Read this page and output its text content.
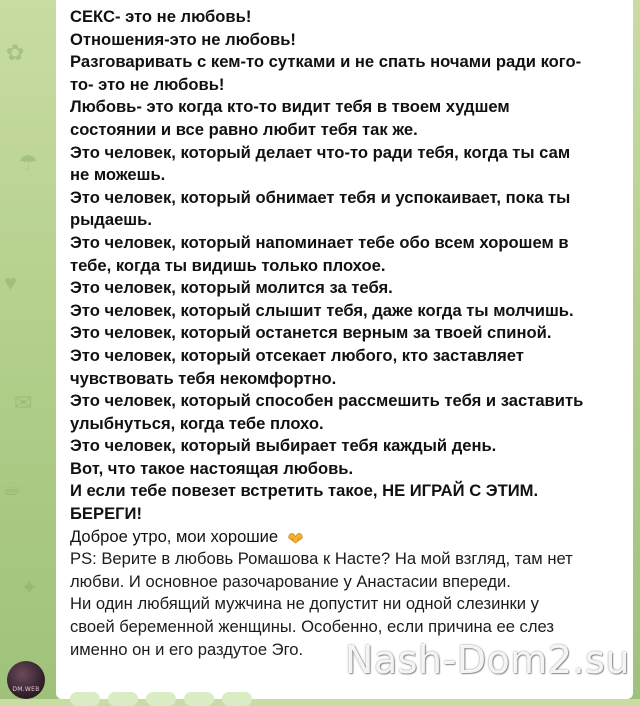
✿
☂
♥
✉
☕
✦
СЕКС- это не любовь!
Отношения-это не любовь!
Разговаривать с кем-то сутками и не спать ночами ради кого-
то- это не любовь!
Любовь- это когда кто-то видит тебя в твоем худшем
состоянии и все равно любит тебя так же.
Это человек, который делает что-то ради тебя, когда ты сам
не можешь.
Это человек, который обнимает тебя и успокаивает, пока ты
рыдаешь.
Это человек, который напоминает тебе обо всем хорошем в
тебе, когда ты видишь только плохое.
Это человек, который молится за тебя.
Это человек, который слышит тебя, даже когда ты молчишь.
Это человек, который останется верным за твоей спиной.
Это человек, который отсекает любого, кто заставляет
чувствовать тебя некомфортно.
Это человек, который способен рассмешить тебя и заставить
улыбнуться, когда тебе плохо.
Это человек, который выбирает тебя каждый день.
Вот, что такое настоящая любовь.
И если тебе повезет встретить такое, НЕ ИГРАЙ С ЭТИМ.
БЕРЕГИ!
Доброе утро, мои хорошие
PS: Верите в любовь Ромашова к Насте? На мой взгляд, там нет
любви. И основное разочарование у Анастасии впереди.
Ни один любящий мужчина не допустит ни одной слезинки у
своей беременной женщины. Особенно, если причина ее слез
именно он и его раздутое Эго.
DM.WEB
Nash-Dom2.su
